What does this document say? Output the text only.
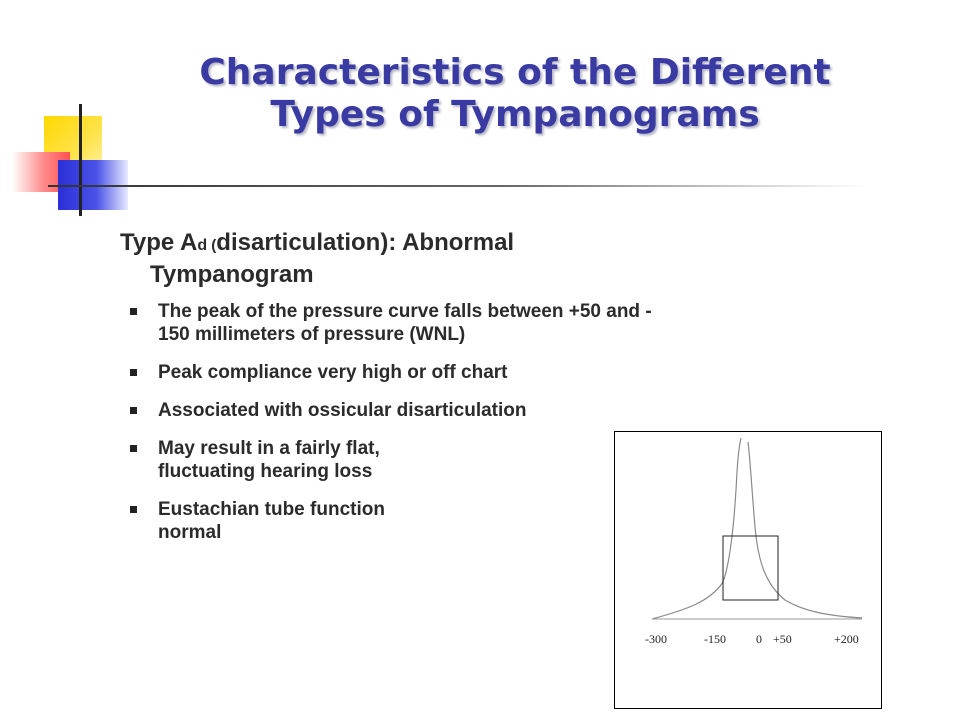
Characteristics of the Different
Types of Tympanograms
Type Ad (disarticulation): Abnormal
Tympanogram
The peak of the pressure curve falls between +50 and -
150 millimeters of pressure (WNL)
Peak compliance very high or off chart
Associated with ossicular disarticulation
May result in a fairly flat,
fluctuating hearing loss
Eustachian tube function
normal
-300	-150	0 +50	+200
